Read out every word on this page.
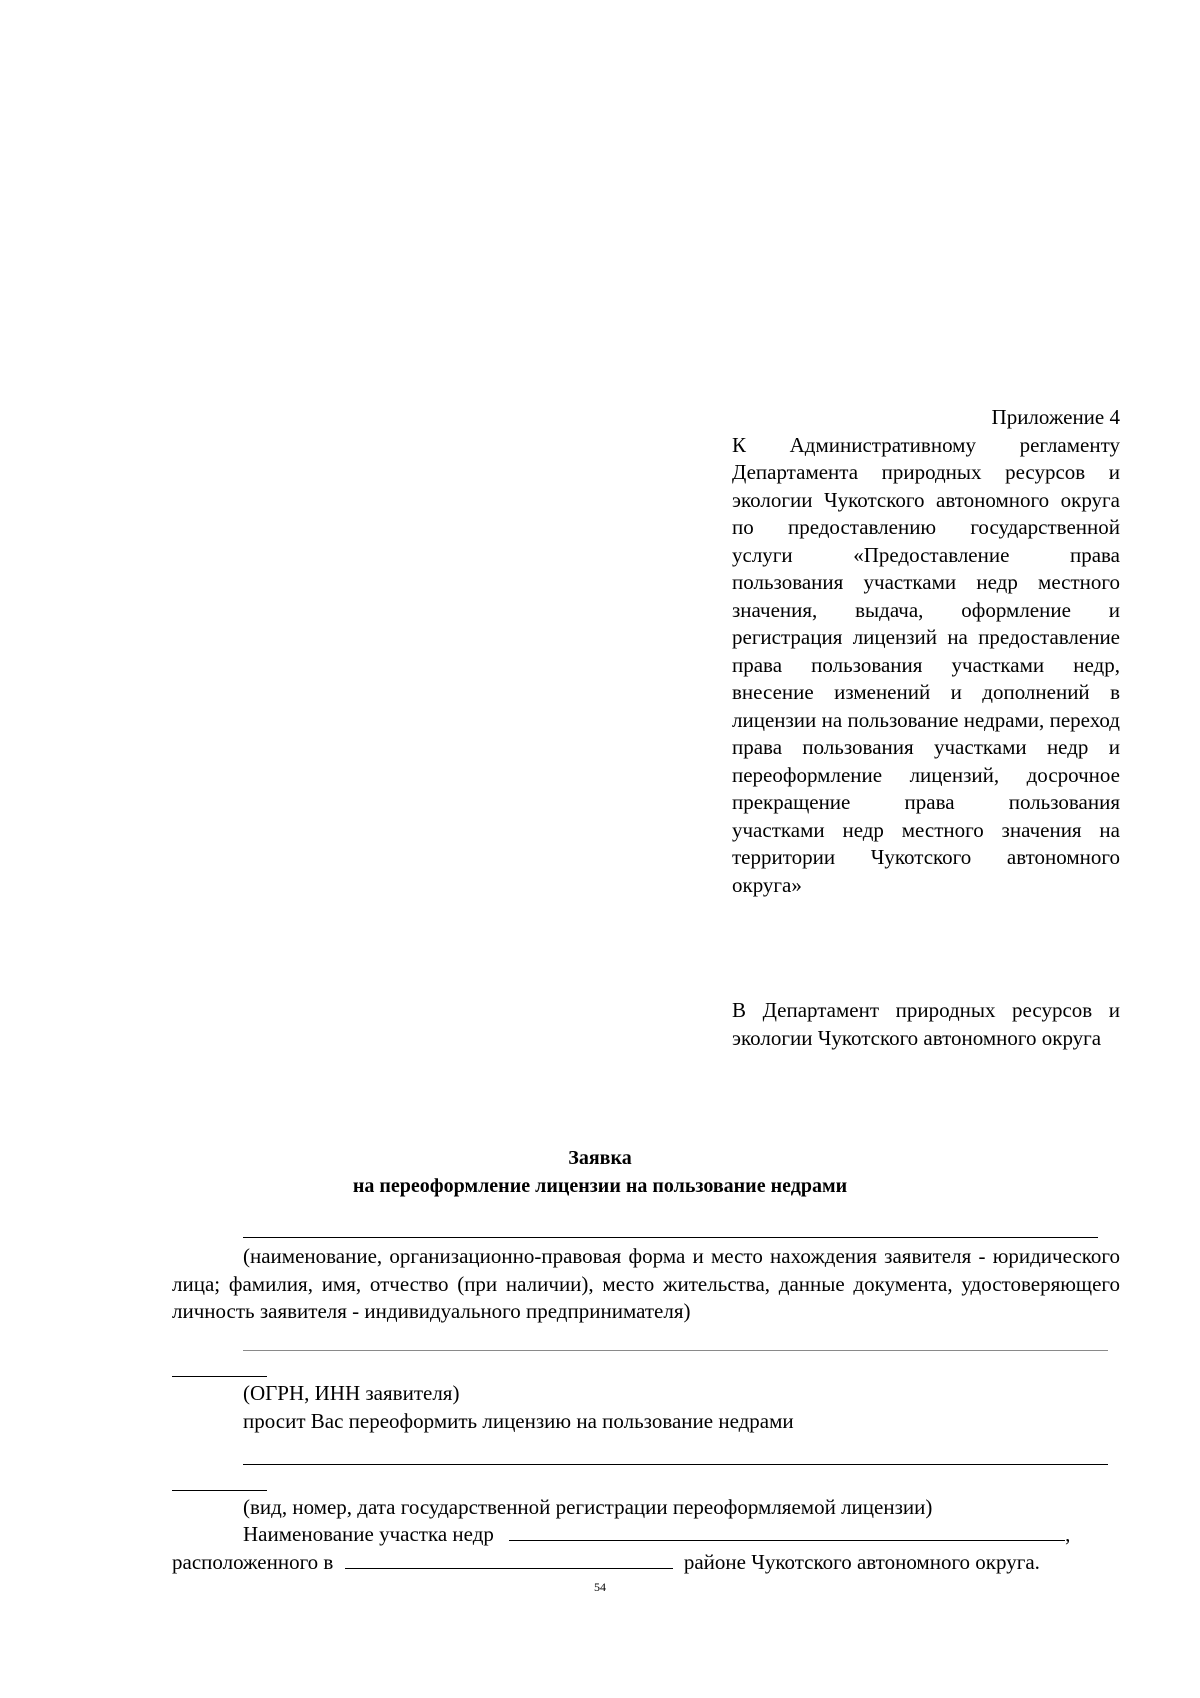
Приложение 4
К Административному регламенту Департамента природных ресурсов и экологии Чукотского автономного округа по предоставлению государственной услуги «Предоставление права пользования участками недр местного значения, выдача, оформление и регистрация лицензий на предоставление права пользования участками недр, внесение изменений и дополнений в лицензии на пользование недрами, переход права пользования участками недр и переоформление лицензий, досрочное прекращение права пользования участками недр местного значения на территории Чукотского автономного округа»
В Департамент природных ресурсов и экологии Чукотского автономного округа
Заявка
на переоформление лицензии на пользование недрами
(наименование, организационно-правовая форма и место нахождения заявителя - юридического лица; фамилия, имя, отчество (при наличии), место жительства, данные документа, удостоверяющего личность заявителя - индивидуального предпринимателя)
(ОГРН, ИНН заявителя)
просит Вас переоформить лицензию на пользование недрами
(вид, номер, дата государственной регистрации переоформляемой лицензии)
Наименование участка недр	,
расположенного в	районе Чукотского автономного округа.
54
